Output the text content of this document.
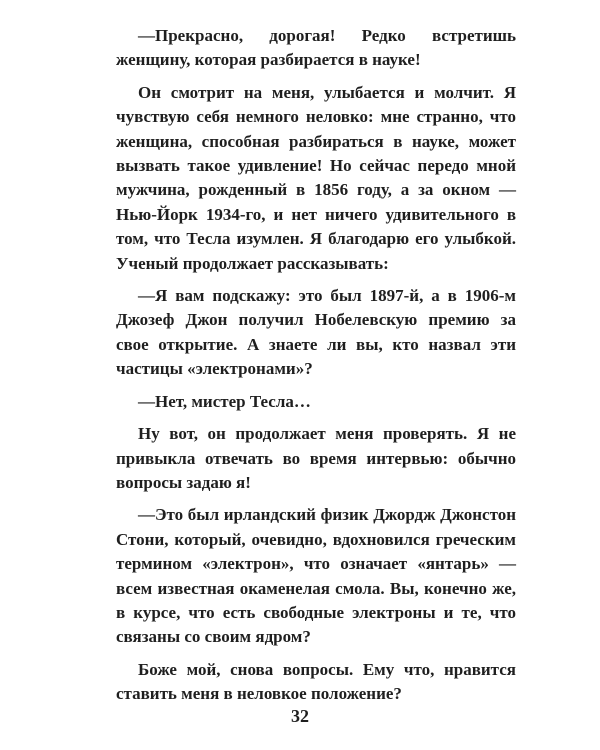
—Прекрасно, дорогая! Редко встретишь женщину, которая разбирается в науке!

Он смотрит на меня, улыбается и молчит. Я чувствую себя немного неловко: мне странно, что женщина, способная разбираться в науке, может вызвать такое удивление! Но сейчас передо мной мужчина, рожденный в 1856 году, а за окном — Нью-Йорк 1934-го, и нет ничего удивительного в том, что Тесла изумлен. Я благодарю его улыбкой. Ученый продолжает рассказывать:

—Я вам подскажу: это был 1897-й, а в 1906-м Джозеф Джон получил Нобелевскую премию за свое открытие. А знаете ли вы, кто назвал эти частицы «электронами»?

—Нет, мистер Тесла…

Ну вот, он продолжает меня проверять. Я не привыкла отвечать во время интервью: обычно вопросы задаю я!

—Это был ирландский физик Джордж Джонстон Стони, который, очевидно, вдохновился греческим термином «электрон», что означает «янтарь» — всем известная окаменелая смола. Вы, конечно же, в курсе, что есть свободные электроны и те, что связаны со своим ядром?

Боже мой, снова вопросы. Ему что, нравится ставить меня в неловкое положение?

32
